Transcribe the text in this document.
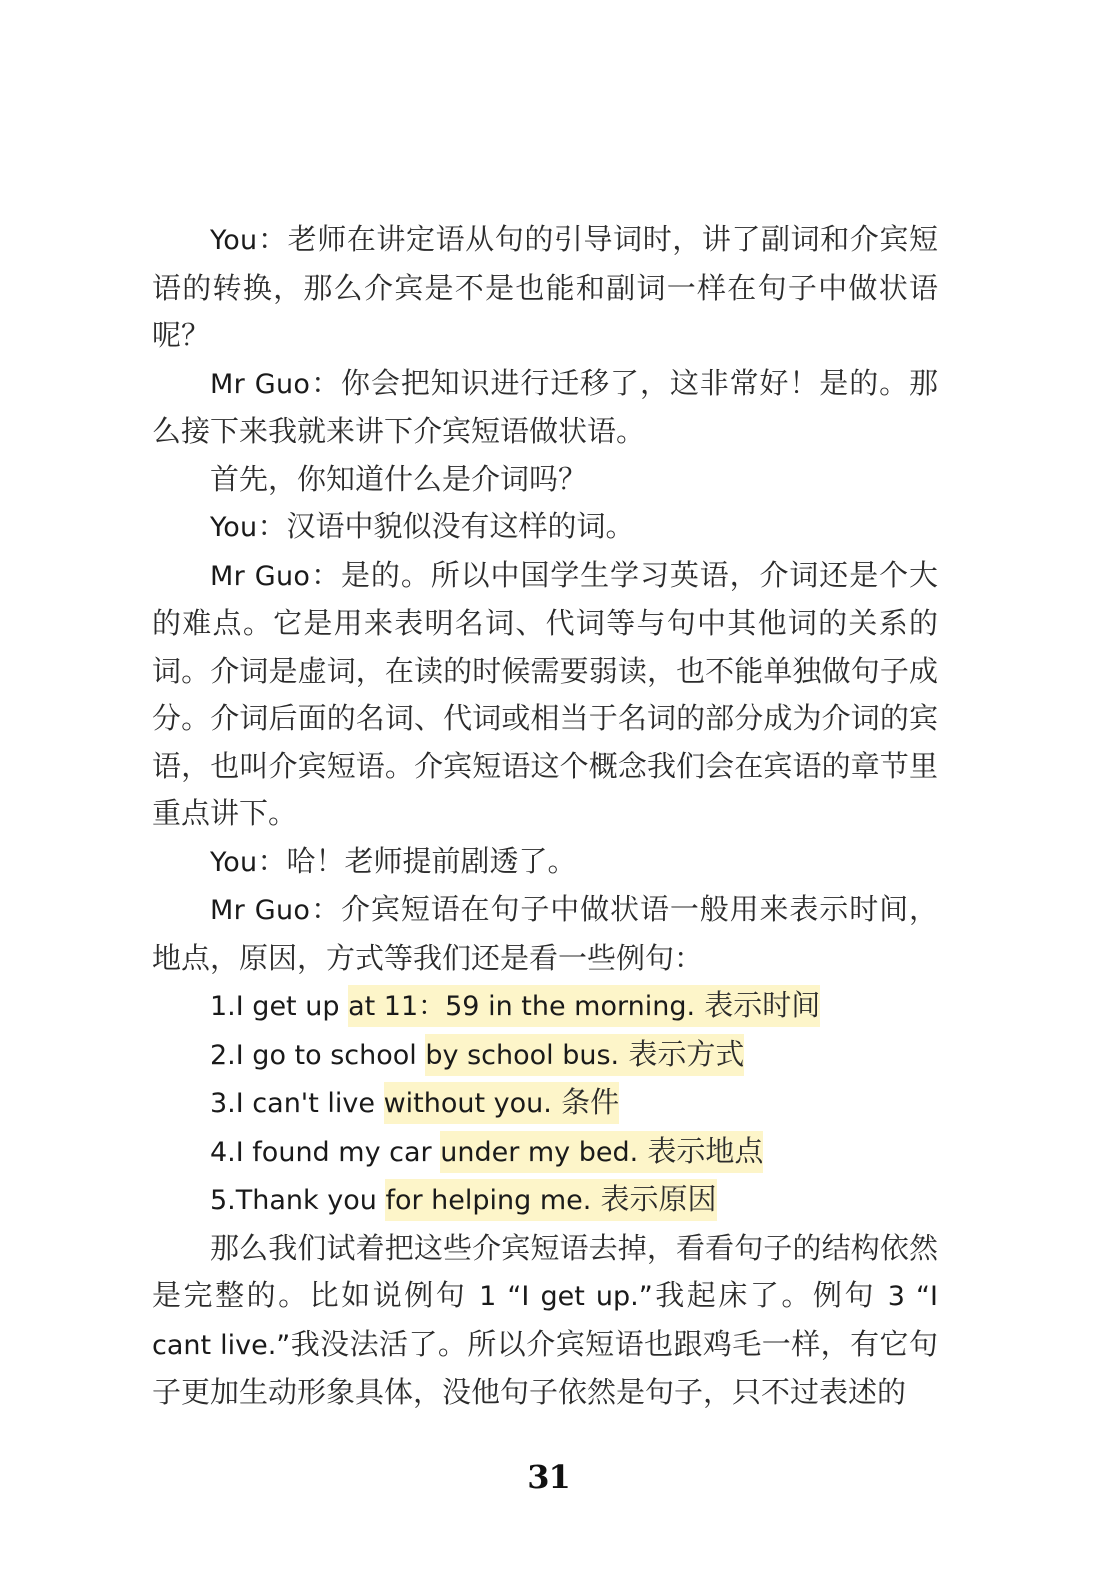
You：老师在讲定语从句的引导词时，讲了副词和介宾短语的转换，那么介宾是不是也能和副词一样在句子中做状语呢？

Mr Guo：你会把知识进行迁移了，这非常好！是的。那么接下来我就来讲下介宾短语做状语。

首先，你知道什么是介词吗？

You：汉语中貌似没有这样的词。

Mr Guo：是的。所以中国学生学习英语，介词还是个大的难点。它是用来表明名词、代词等与句中其他词的关系的词。介词是虚词，在读的时候需要弱读，也不能单独做句子成分。介词后面的名词、代词或相当于名词的部分成为介词的宾语，也叫介宾短语。介宾短语这个概念我们会在宾语的章节里重点讲下。

You：哈！老师提前剧透了。

Mr Guo：介宾短语在句子中做状语一般用来表示时间，地点，原因，方式等我们还是看一些例句：

1.I get up at 11：59 in the morning. 表示时间

2.I go to school by school bus. 表示方式

3.I can't live without you. 条件

4.I found my car under my bed. 表示地点

5.Thank you for helping me. 表示原因

那么我们试着把这些介宾短语去掉，看看句子的结构依然是完整的。比如说例句 1 “I get up.”我起床了。例句 3 “I cant live.”我没法活了。所以介宾短语也跟鸡毛一样，有它句子更加生动形象具体，没他句子依然是句子，只不过表述的

31
